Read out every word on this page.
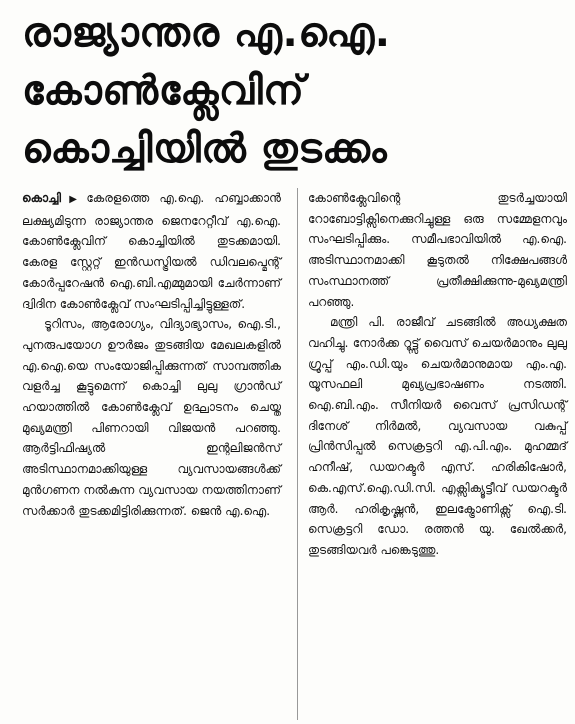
രാജ്യാന്തര എ.ഐ.
കോൺക്ലേവിന്
കൊച്ചിയിൽ തുടക്കം

കൊച്ചി ▶ കേരളത്തെ എ.ഐ. ഹബ്ബാക്കാൻ ലക്ഷ്യമിടുന്ന രാജ്യാന്തര ജെനറേറ്റീവ് എ.ഐ. കോൺക്ലേവിന് കൊച്ചിയിൽ തുടക്കമായി. കേരള സ്റ്റേറ്റ് ഇൻഡസ്ട്രിയൽ ഡിവലപ്മെന്റ് കോർപ്പറേഷൻ ഐ.ബി.എമ്മുമായി ചേർന്നാണ് ദ്വിദിന കോൺക്ലേവ് സംഘടിപ്പിച്ചിട്ടുള്ളത്.

ടൂറിസം, ആരോഗ്യം, വിദ്യാഭ്യാസം, ഐ.ടി., പുനരുപയോഗ ഊർജം തുടങ്ങിയ മേഖലകളിൽ എ.ഐ.യെ സംയോജിപ്പിക്കുന്നത് സാമ്പത്തിക വളർച്ച കൂട്ടുമെന്ന് കൊച്ചി ലുലു ഗ്രാൻഡ് ഹയാത്തിൽ കോൺക്ലേവ് ഉദ്ഘാടനം ചെയ്ത മുഖ്യമന്ത്രി പിണറായി വിജയൻ പറഞ്ഞു. ആർട്ടിഫിഷ്യൽ ഇന്റലിജൻസ് അടിസ്ഥാനമാക്കിയുള്ള വ്യവസായങ്ങൾക്ക് മുൻഗണന നൽകുന്ന വ്യവസായ നയത്തിനാണ് സർക്കാർ തുടക്കമിട്ടിരിക്കുന്നത്. ജെൻ എ.ഐ.

കോൺക്ലേവിന്റെ തുടർച്ചയായി റോബോട്ടിക്സിനെക്കുറിച്ചുള്ള ഒരു സമ്മേളനവും സംഘടിപ്പിക്കും. സമീപഭാവിയിൽ എ.ഐ. അടിസ്ഥാനമാക്കി കൂടുതൽ നിക്ഷേപങ്ങൾ സംസ്ഥാനത്ത് പ്രതീക്ഷിക്കുന്നു-മുഖ്യമന്ത്രി പറഞ്ഞു.

മന്ത്രി പി. രാജീവ് ചടങ്ങിൽ അധ്യക്ഷത വഹിച്ചു. നോർക്ക റൂട്ട്സ് വൈസ് ചെയർമാനും ലുലു ഗ്രൂപ്പ് എം.ഡി.യും ചെയർമാനുമായ എം.എ. യൂസഫലി മുഖ്യപ്രഭാഷണം നടത്തി. ഐ.ബി.എം. സീനിയർ വൈസ് പ്രസിഡന്റ് ദിനേശ് നിർമൽ, വ്യവസായ വകുപ്പ് പ്രിൻസിപ്പൽ സെക്രട്ടറി എ.പി.എം. മുഹമ്മദ് ഹനീഷ്, ഡയറക്ടർ എസ്. ഹരികിഷോർ, കെ.എസ്.ഐ.ഡി.സി. എക്സിക്യൂട്ടീവ് ഡയറക്ടർ ആർ. ഹരികൃഷ്ണൻ, ഇലക്ട്രോണിക്സ് ഐ.ടി. സെക്രട്ടറി ഡോ. രത്തൻ യു. ഖേൽക്കർ, തുടങ്ങിയവർ പങ്കെടുത്തു.
